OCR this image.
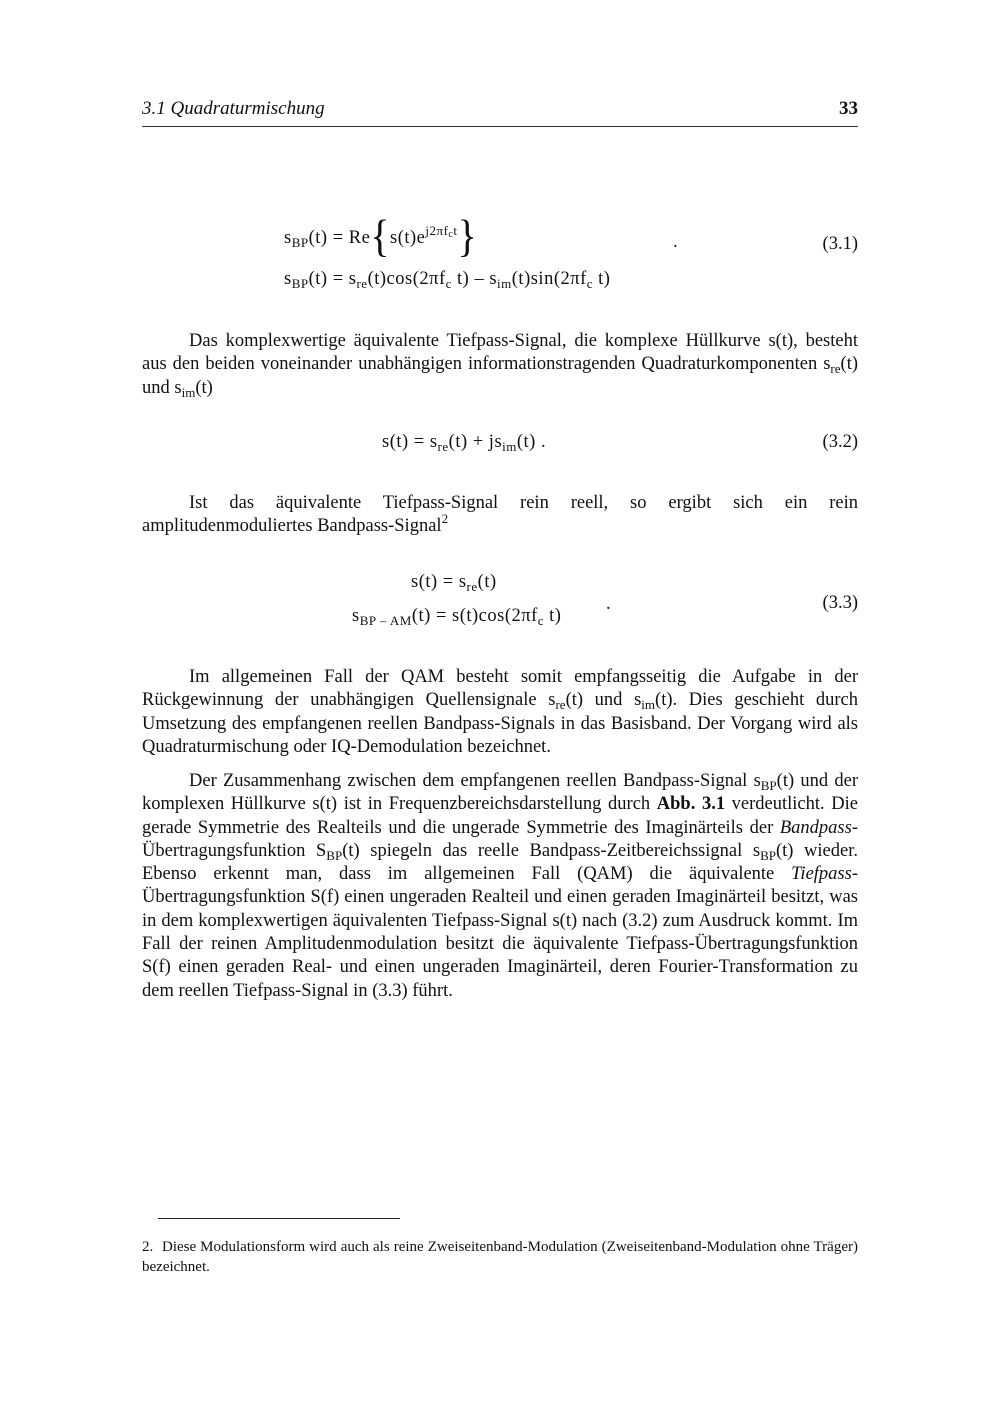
3.1 Quadraturmischung	33
$s_{BP}(t) = Re\{s(t)e^{j2\pi f_ct}\}$	.	(3.1)
$s_{BP}(t) = s_{re}(t)\cos(2\pi f_c$ $t) - s_{im}(t)\sin(2\pi f_c$ t)
Das komplexwertige äquivalente Tiefpass-Signal, die komplexe Hüllkurve s(t), besteht aus den beiden voneinander unabhängigen informationstragenden Quadraturkomponenten $s_{re}(t)$ und $s_{im}(t)$
$s(t) = s_{re}(t) + js_{im}(t)$ .	(3.2)
Ist das äquivalente Tiefpass-Signal rein reell, so ergibt sich ein rein amplitudenmoduliertes Bandpass-Signal$^2$
$s(t) = s_{re}(t)$
$s_{BP - AM}(t) = s(t)\cos(2\pi f_c$ t)
.	(3.3)
Im allgemeinen Fall der QAM besteht somit empfangsseitig die Aufgabe in der Rückgewinnung der unabhängigen Quellensignale $s_{re}(t)$ und $s_{im}(t)$. Dies geschieht durch Umsetzung des empfangenen reellen Bandpass-Signals in das Basisband. Der Vorgang wird als Quadraturmischung oder IQ-Demodulation bezeichnet.
Der Zusammenhang zwischen dem empfangenen reellen Bandpass-Signal $s_{BP}(t)$ und der komplexen Hüllkurve s(t) ist in Frequenzbereichsdarstellung durch Abb. 3.1 verdeutlicht. Die gerade Symmetrie des Realteils und die ungerade Symmetrie des Imaginärteils der Bandpass-Übertragungsfunktion $S_{BP}(t)$ spiegeln das reelle Bandpass-Zeitbereichssignal $s_{BP}(t)$ wieder. Ebenso erkennt man, dass im allgemeinen Fall (QAM) die äquivalente Tiefpass-Übertragungsfunktion S(f) einen ungeraden Realteil und einen geraden Imaginärteil besitzt, was in dem komplexwertigen äquivalenten Tiefpass-Signal s(t) nach (3.2) zum Ausdruck kommt. Im Fall der reinen Amplitudenmodulation besitzt die äquivalente Tiefpass-Übertragungsfunktion S(f) einen geraden Real- und einen ungeraden Imaginärteil, deren Fourier-Transformation zu dem reellen Tiefpass-Signal in (3.3) führt.
2. Diese Modulationsform wird auch als reine Zweiseitenband-Modulation (Zweiseitenband-Modulation ohne Träger) bezeichnet.
